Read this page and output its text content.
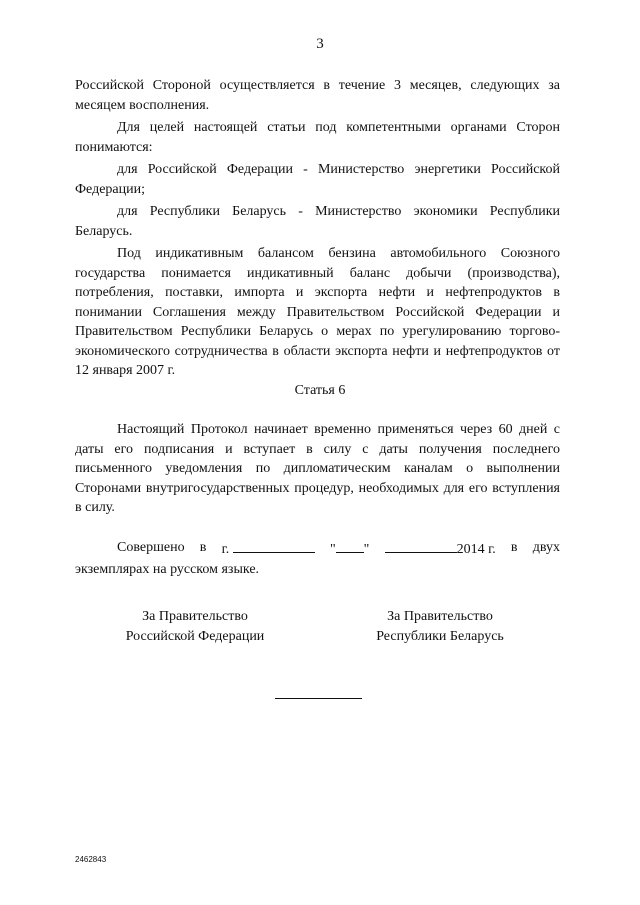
3

Российской Стороной осуществляется в течение 3 месяцев, следующих за месяцем восполнения.

Для целей настоящей статьи под компетентными органами Сторон понимаются:

для Российской Федерации - Министерство энергетики Российской Федерации;

для Республики Беларусь - Министерство экономики Республики Беларусь.

Под индикативным балансом бензина автомобильного Союзного государства понимается индикативный баланс добычи (производства), потребления, поставки, импорта и экспорта нефти и нефтепродуктов в понимании Соглашения между Правительством Российской Федерации и Правительством Республики Беларусь о мерах по урегулированию торгово-экономического сотрудничества в области экспорта нефти и нефтепродуктов от 12 января 2007 г.

Статья 6

Настоящий Протокол начинает временно применяться через 60 дней с даты его подписания и вступает в силу с даты получения последнего письменного уведомления по дипломатическим каналам о выполнении Сторонами внутригосударственных процедур, необходимых для его вступления в силу.

Совершено в г.	" "	2014 г. в двух
экземплярах на русском языке.
За Правительство
Российской Федерации
За Правительство
Республики Беларусь
2462843
